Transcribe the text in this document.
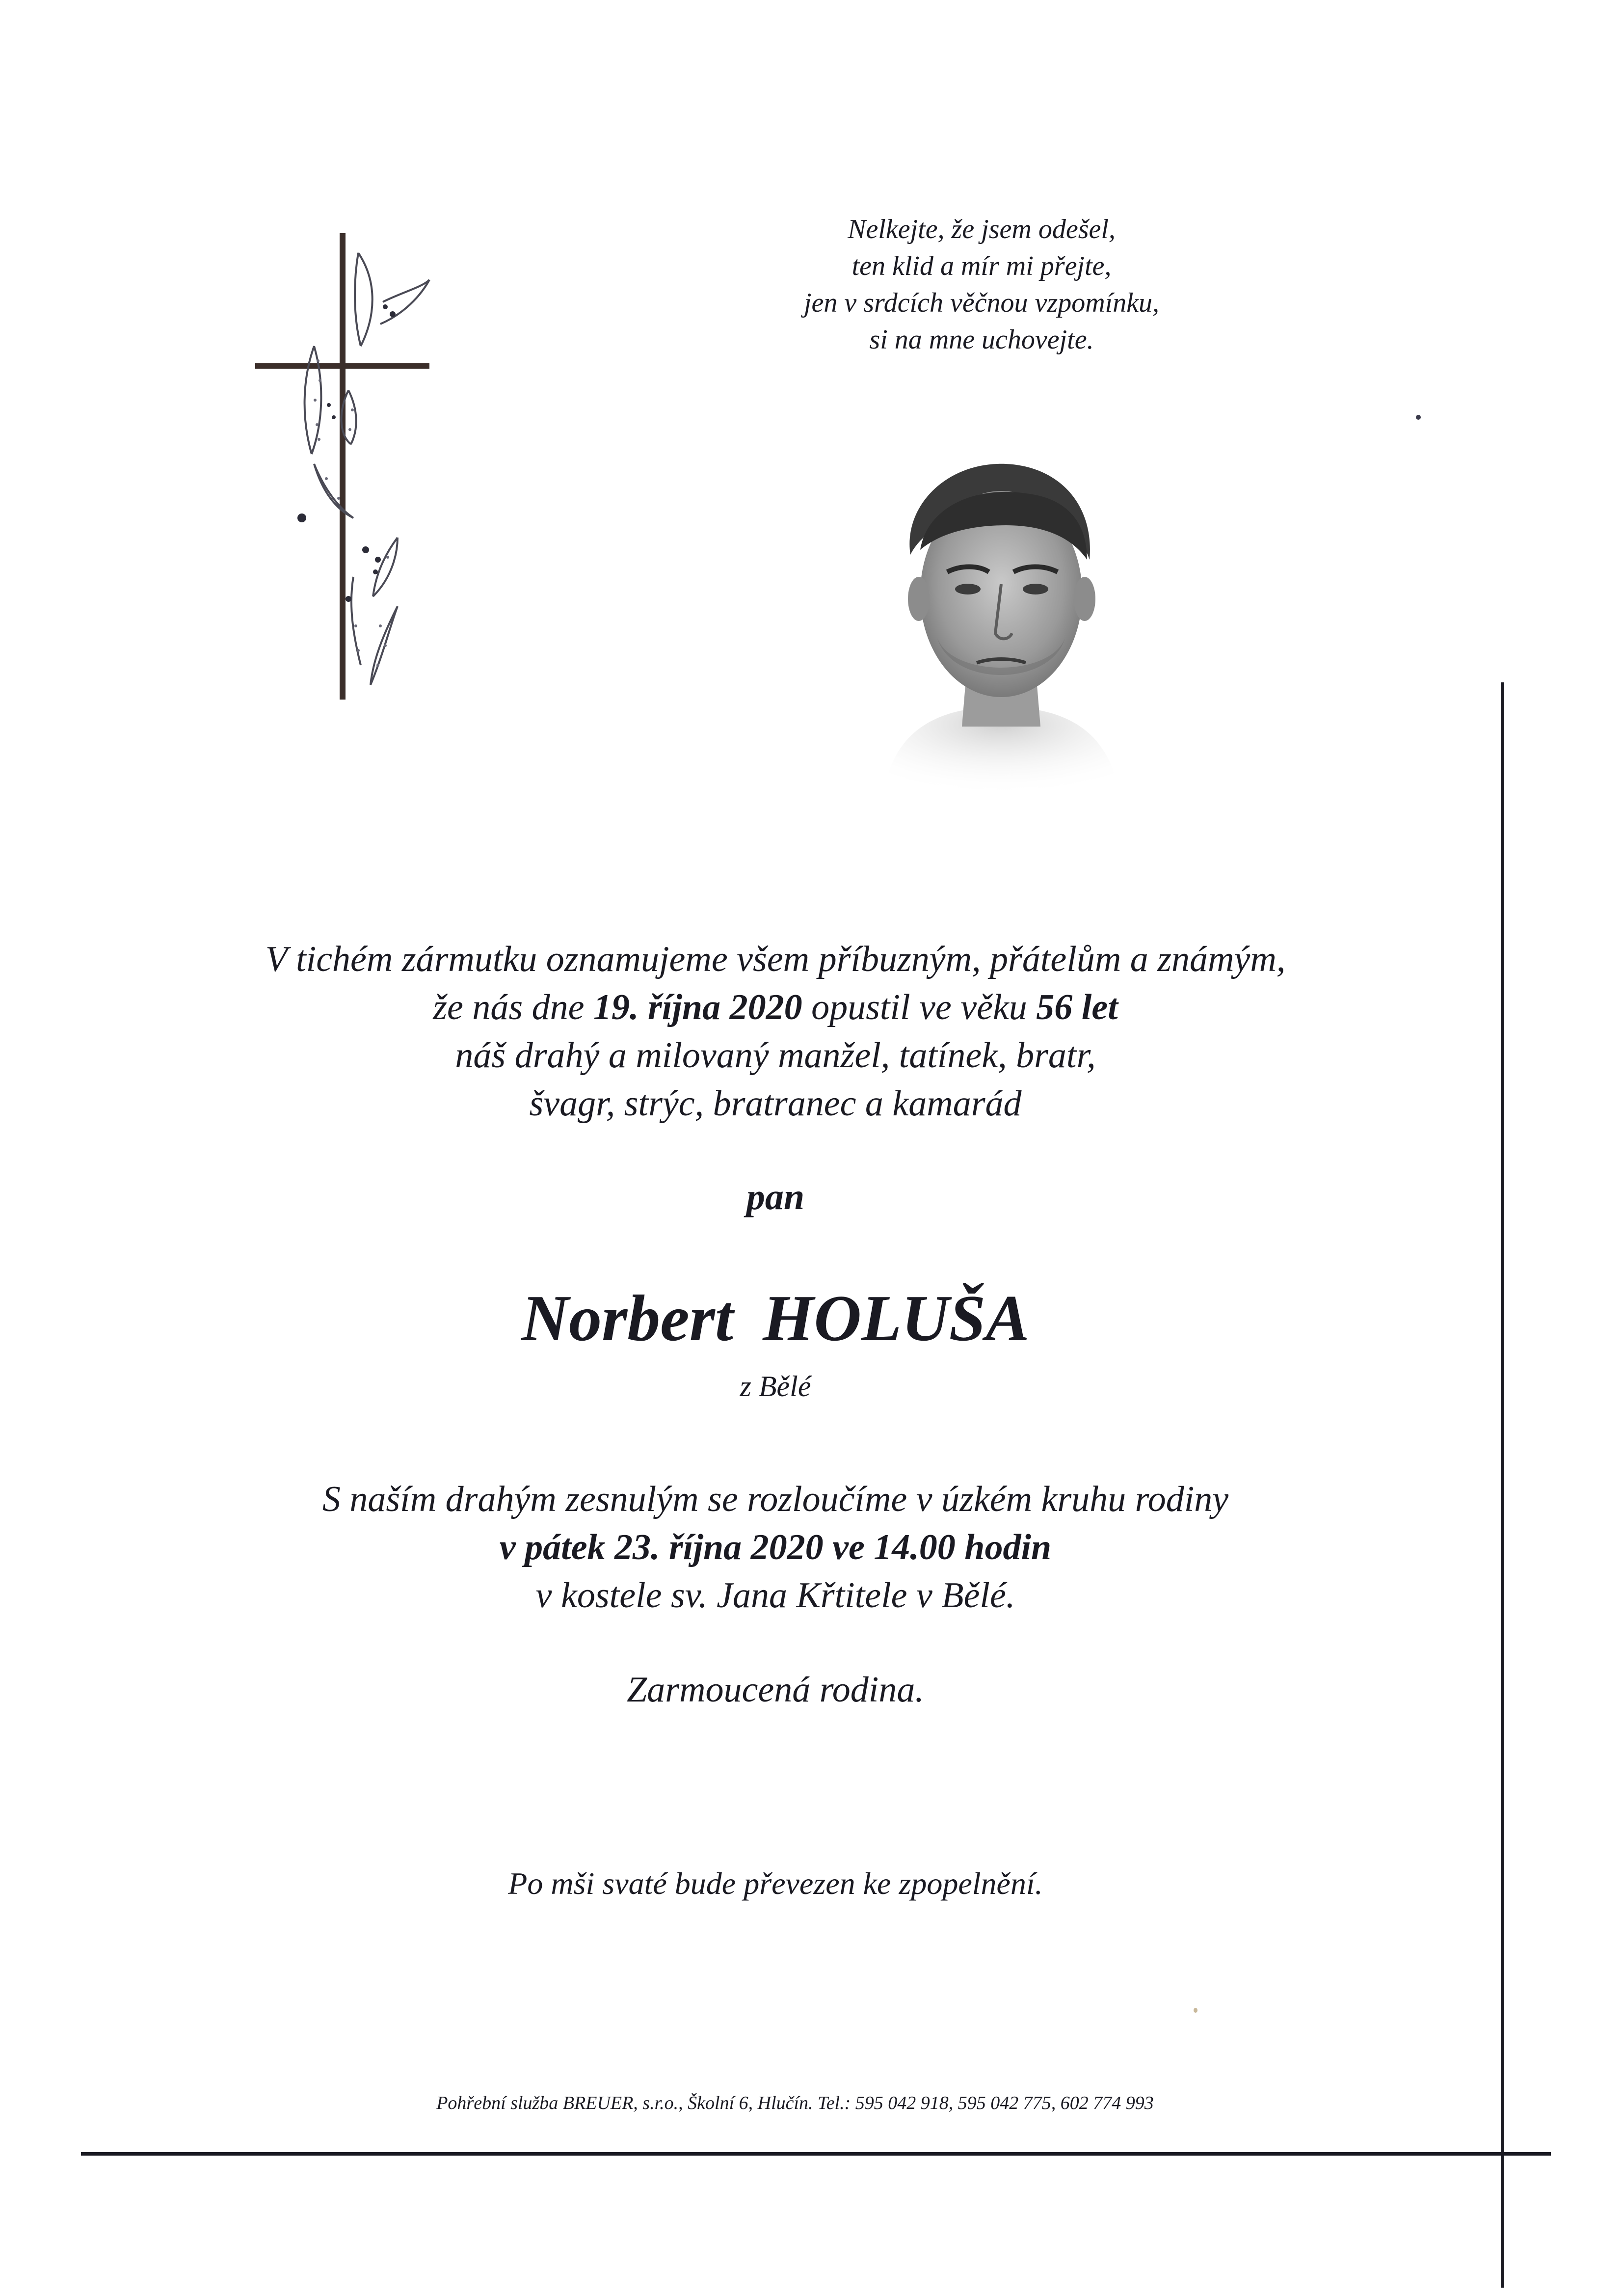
Nelkejte, že jsem odešel,
ten klid a mír mi přejte,
jen v srdcích věčnou vzpomínku,
si na mne uchovejte.
V tichém zármutku oznamujeme všem příbuzným, přátelům a známým,
že nás dne 19. října 2020 opustil ve věku 56 let
náš drahý a milovaný manžel, tatínek, bratr,
švagr, strýc, bratranec a kamarád
pan
Norbert HOLUŠA
z Bělé
S naším drahým zesnulým se rozloučíme v úzkém kruhu rodiny
v pátek 23. října 2020 ve 14.00 hodin
v kostele sv. Jana Křtitele v Bělé.
Zarmoucená rodina.
Po mši svaté bude převezen ke zpopelnění.
Pohřební služba BREUER, s.r.o., Školní 6, Hlučín. Tel.: 595 042 918, 595 042 775, 602 774 993
